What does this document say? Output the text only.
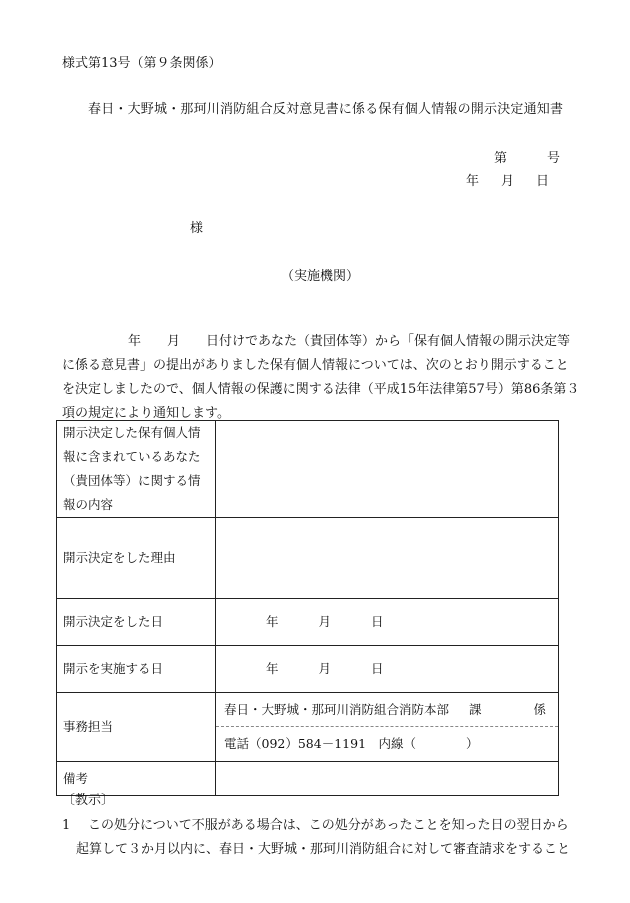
様式第13号（第９条関係）
春日・大野城・那珂川消防組合反対意見書に係る保有個人情報の開示決定通知書
第	号
年 月 日
様
（実施機関）
年　　月　　日付けであなた（貴団体等）から「保有個人情報の開示決定等
に係る意見書」の提出がありました保有個人情報については、次のとおり開示すること
を決定しましたので、個人情報の保護に関する法律（平成15年法律第57号）第86条第３
項の規定により通知します。
開示決定した保有個人情報に含まれているあなた（貴団体等）に関する情報の内容	
開示決定をした理由	
開示決定をした日	年 月 日
開示を実施する日	年 月 日
事務担当	春日・大野城・那珂川消防組合消防本部 課 係
電話（092）584－1191　内線（　　　　）

備考	
〔教示〕
1 この処分について不服がある場合は、この処分があったことを知った日の翌日から
起算して３か月以内に、春日・大野城・那珂川消防組合に対して審査請求をすること
